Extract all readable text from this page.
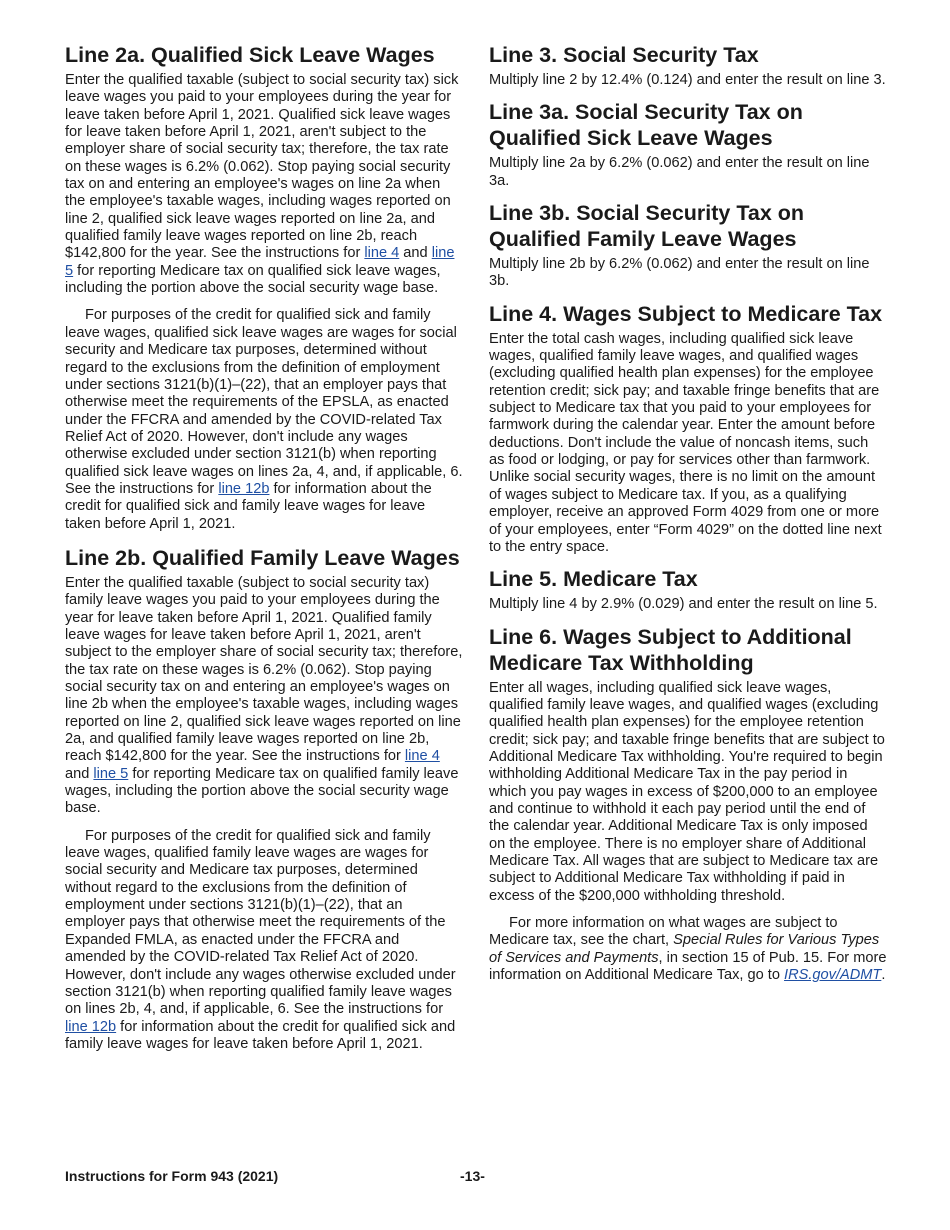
Line 2a. Qualified Sick Leave Wages

Enter the qualified taxable (subject to social security tax) sick leave wages you paid to your employees during the year for leave taken before April 1, 2021. Qualified sick leave wages for leave taken before April 1, 2021, aren't subject to the employer share of social security tax; therefore, the tax rate on these wages is 6.2% (0.062). Stop paying social security tax on and entering an employee's wages on line 2a when the employee's taxable wages, including wages reported on line 2, qualified sick leave wages reported on line 2a, and qualified family leave wages reported on line 2b, reach $142,800 for the year. See the instructions for line 4 and line 5 for reporting Medicare tax on qualified sick leave wages, including the portion above the social security wage base.

For purposes of the credit for qualified sick and family leave wages, qualified sick leave wages are wages for social security and Medicare tax purposes, determined without regard to the exclusions from the definition of employment under sections 3121(b)(1)–(22), that an employer pays that otherwise meet the requirements of the EPSLA, as enacted under the FFCRA and amended by the COVID-related Tax Relief Act of 2020. However, don't include any wages otherwise excluded under section 3121(b) when reporting qualified sick leave wages on lines 2a, 4, and, if applicable, 6. See the instructions for line 12b for information about the credit for qualified sick and family leave wages for leave taken before April 1, 2021.

Line 2b. Qualified Family Leave Wages

Enter the qualified taxable (subject to social security tax) family leave wages you paid to your employees during the year for leave taken before April 1, 2021. Qualified family leave wages for leave taken before April 1, 2021, aren't subject to the employer share of social security tax; therefore, the tax rate on these wages is 6.2% (0.062). Stop paying social security tax on and entering an employee's wages on line 2b when the employee's taxable wages, including wages reported on line 2, qualified sick leave wages reported on line 2a, and qualified family leave wages reported on line 2b, reach $142,800 for the year. See the instructions for line 4 and line 5 for reporting Medicare tax on qualified family leave wages, including the portion above the social security wage base.

For purposes of the credit for qualified sick and family leave wages, qualified family leave wages are wages for social security and Medicare tax purposes, determined without regard to the exclusions from the definition of employment under sections 3121(b)(1)–(22), that an employer pays that otherwise meet the requirements of the Expanded FMLA, as enacted under the FFCRA and amended by the COVID-related Tax Relief Act of 2020. However, don't include any wages otherwise excluded under section 3121(b) when reporting qualified family leave wages on lines 2b, 4, and, if applicable, 6. See the instructions for line 12b for information about the credit for qualified sick and family leave wages for leave taken before April 1, 2021.

Line 3. Social Security Tax

Multiply line 2 by 12.4% (0.124) and enter the result on line 3.

Line 3a. Social Security Tax on Qualified Sick Leave Wages

Multiply line 2a by 6.2% (0.062) and enter the result on line 3a.

Line 3b. Social Security Tax on Qualified Family Leave Wages

Multiply line 2b by 6.2% (0.062) and enter the result on line 3b.

Line 4. Wages Subject to Medicare Tax

Enter the total cash wages, including qualified sick leave wages, qualified family leave wages, and qualified wages (excluding qualified health plan expenses) for the employee retention credit; sick pay; and taxable fringe benefits that are subject to Medicare tax that you paid to your employees for farmwork during the calendar year. Enter the amount before deductions. Don't include the value of noncash items, such as food or lodging, or pay for services other than farmwork. Unlike social security wages, there is no limit on the amount of wages subject to Medicare tax. If you, as a qualifying employer, receive an approved Form 4029 from one or more of your employees, enter “Form 4029” on the dotted line next to the entry space.

Line 5. Medicare Tax

Multiply line 4 by 2.9% (0.029) and enter the result on line 5.

Line 6. Wages Subject to Additional Medicare Tax Withholding

Enter all wages, including qualified sick leave wages, qualified family leave wages, and qualified wages (excluding qualified health plan expenses) for the employee retention credit; sick pay; and taxable fringe benefits that are subject to Additional Medicare Tax withholding. You're required to begin withholding Additional Medicare Tax in the pay period in which you pay wages in excess of $200,000 to an employee and continue to withhold it each pay period until the end of the calendar year. Additional Medicare Tax is only imposed on the employee. There is no employer share of Additional Medicare Tax. All wages that are subject to Medicare tax are subject to Additional Medicare Tax withholding if paid in excess of the $200,000 withholding threshold.

For more information on what wages are subject to Medicare tax, see the chart, Special Rules for Various Types of Services and Payments, in section 15 of Pub. 15. For more information on Additional Medicare Tax, go to IRS.gov/ADMT.

Instructions for Form 943 (2021)	-13-
